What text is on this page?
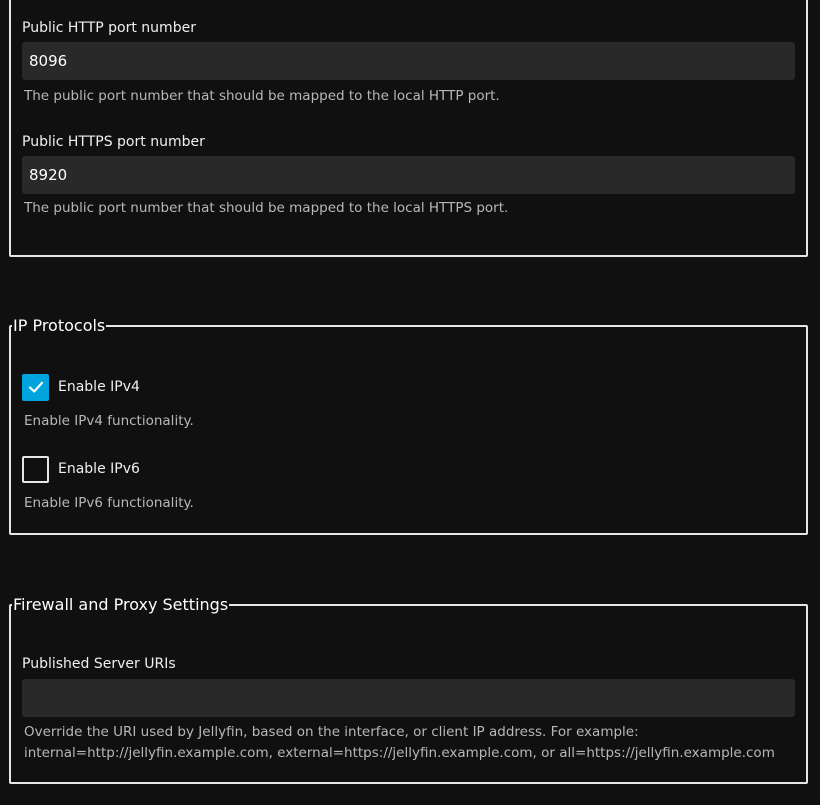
Public HTTP port number
8096
The public port number that should be mapped to the local HTTP port.
Public HTTPS port number
8920
The public port number that should be mapped to the local HTTPS port.
IP Protocols
Enable IPv4
Enable IPv4 functionality.
Enable IPv6
Enable IPv6 functionality.
Firewall and Proxy Settings
Published Server URIs
Override the URI used by Jellyfin, based on the interface, or client IP address. For example:
internal=http://jellyfin.example.com, external=https://jellyfin.example.com, or all=https://jellyfin.example.com
